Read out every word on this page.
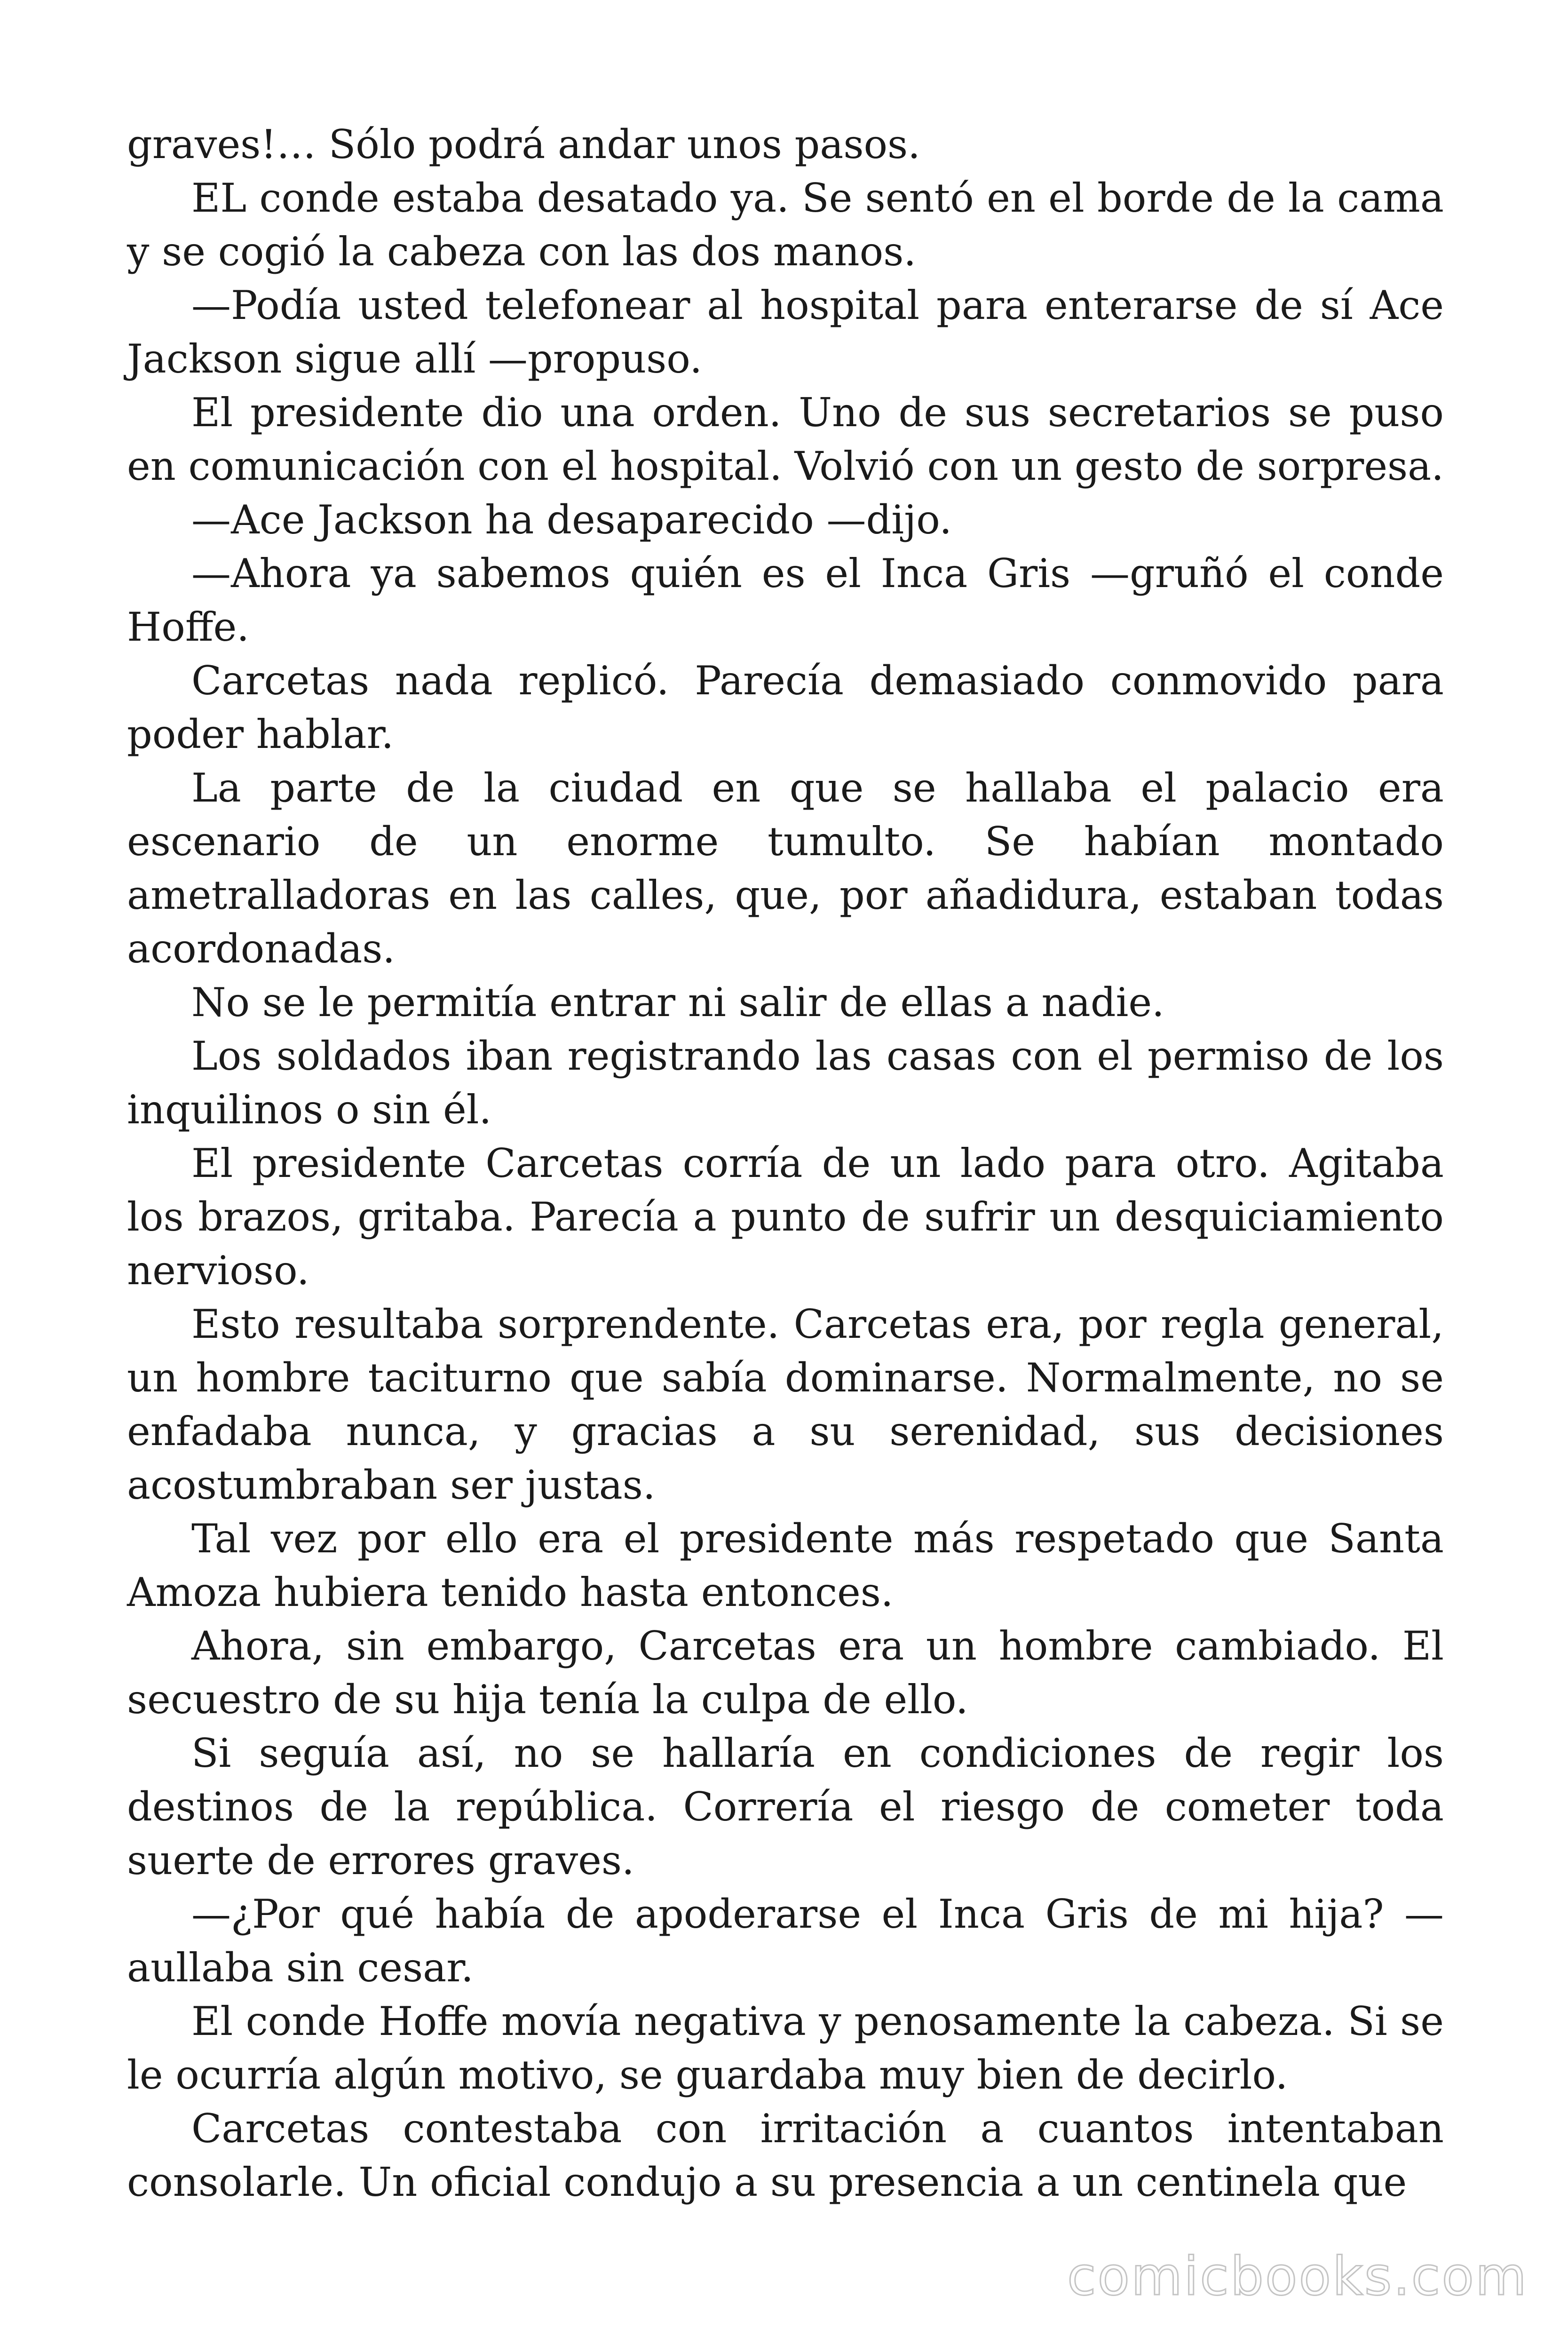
graves!… Sólo podrá andar unos pasos.

EL conde estaba desatado ya. Se sentó en el borde de la cama y se cogió la cabeza con las dos manos.

—Podía usted telefonear al hospital para enterarse de sí Ace Jackson sigue allí —propuso.

El presidente dio una orden. Uno de sus secretarios se puso en comunicación con el hospital. Volvió con un gesto de sorpresa.

—Ace Jackson ha desaparecido —dijo.

—Ahora ya sabemos quién es el Inca Gris —gruñó el conde Hoffe.

Carcetas nada replicó. Parecía demasiado conmovido para poder hablar.

La parte de la ciudad en que se hallaba el palacio era escenario de un enorme tumulto. Se habían montado ametralladoras en las calles, que, por añadidura, estaban todas acordonadas.

No se le permitía entrar ni salir de ellas a nadie.

Los soldados iban registrando las casas con el permiso de los inquilinos o sin él.

El presidente Carcetas corría de un lado para otro. Agitaba los brazos, gritaba. Parecía a punto de sufrir un desquiciamiento nervioso.

Esto resultaba sorprendente. Carcetas era, por regla general, un hombre taciturno que sabía dominarse. Normalmente, no se enfadaba nunca, y gracias a su serenidad, sus decisiones acostumbraban ser justas.

Tal vez por ello era el presidente más respetado que Santa Amoza hubiera tenido hasta entonces.

Ahora, sin embargo, Carcetas era un hombre cambiado. El secuestro de su hija tenía la culpa de ello.

Si seguía así, no se hallaría en condiciones de regir los destinos de la república. Correría el riesgo de cometer toda suerte de errores graves.

—¿Por qué había de apoderarse el Inca Gris de mi hija? —aullaba sin cesar.

El conde Hoffe movía negativa y penosamente la cabeza. Si se le ocurría algún motivo, se guardaba muy bien de decirlo.

Carcetas contestaba con irritación a cuantos intentaban consolarle. Un oficial condujo a su presencia a un centinela que

comicbooks.com
